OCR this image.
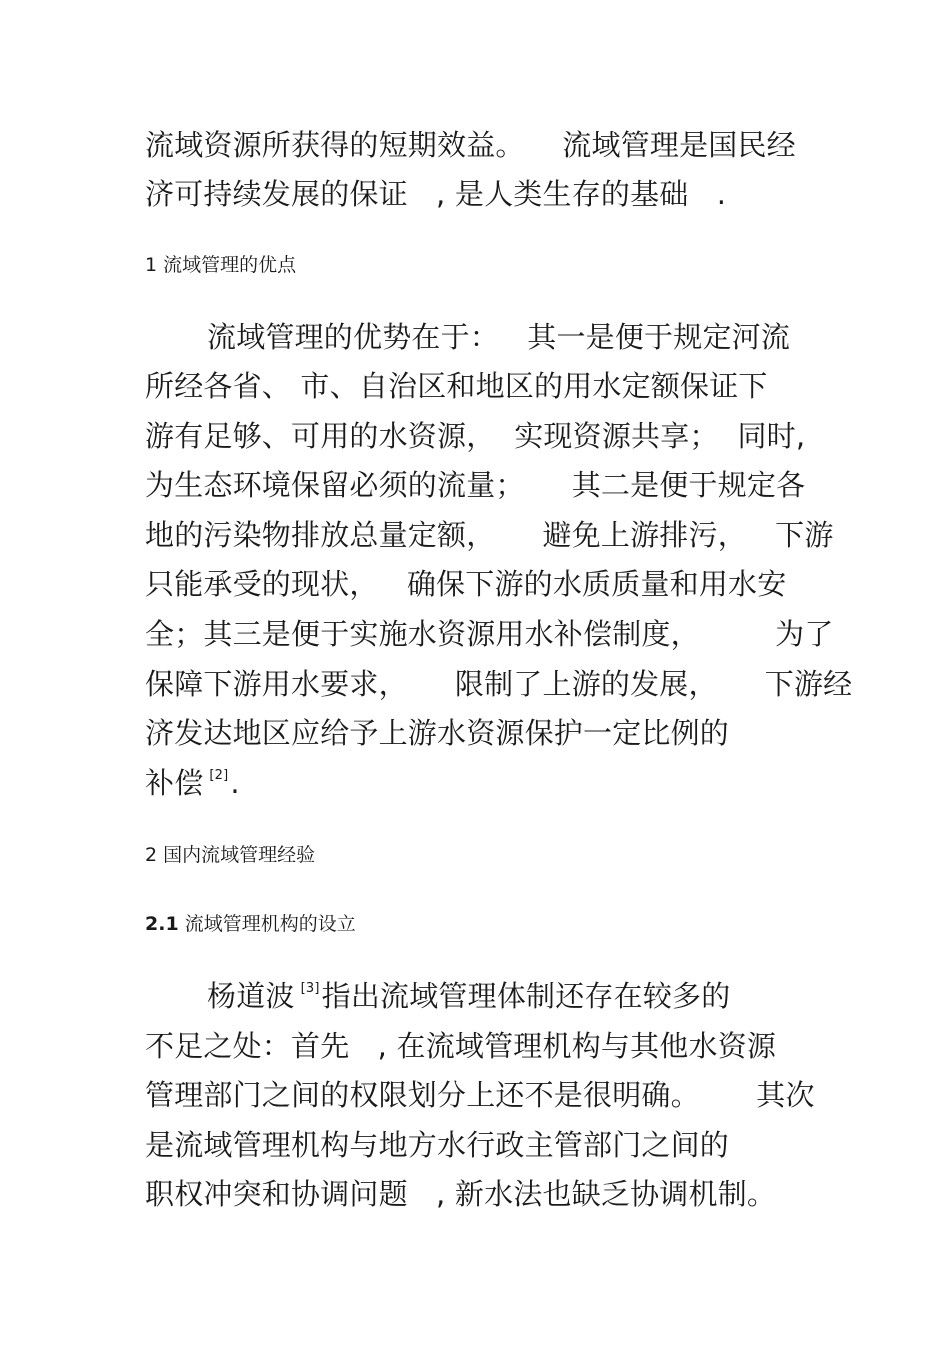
流域资源所获得的短期效益。    流域管理是国民经
济可持续发展的保证   , 是人类生存的基础   .
1 流域管理的优点
流域管理的优势在于：   其一是便于规定河流
所经各省、 市、自治区和地区的用水定额保证下
游有足够、可用的水资源，  实现资源共享；  同时,
为生态环境保留必须的流量；     其二是便于规定各
地的污染物排放总量定额，     避免上游排污，   下游
只能承受的现状，   确保下游的水质质量和用水安
全；其三是便于实施水资源用水补偿制度，        为了
保障下游用水要求，     限制了上游的发展，     下游经
济发达地区应给予上游水资源保护一定比例的
补偿 [2].
2 国内流域管理经验
2.1 流域管理机构的设立
杨道波 [3]指出流域管理体制还存在较多的
不足之处：首先   , 在流域管理机构与其他水资源
管理部门之间的权限划分上还不是很明确。      其次
是流域管理机构与地方水行政主管部门之间的
职权冲突和协调问题   , 新水法也缺乏协调机制。
